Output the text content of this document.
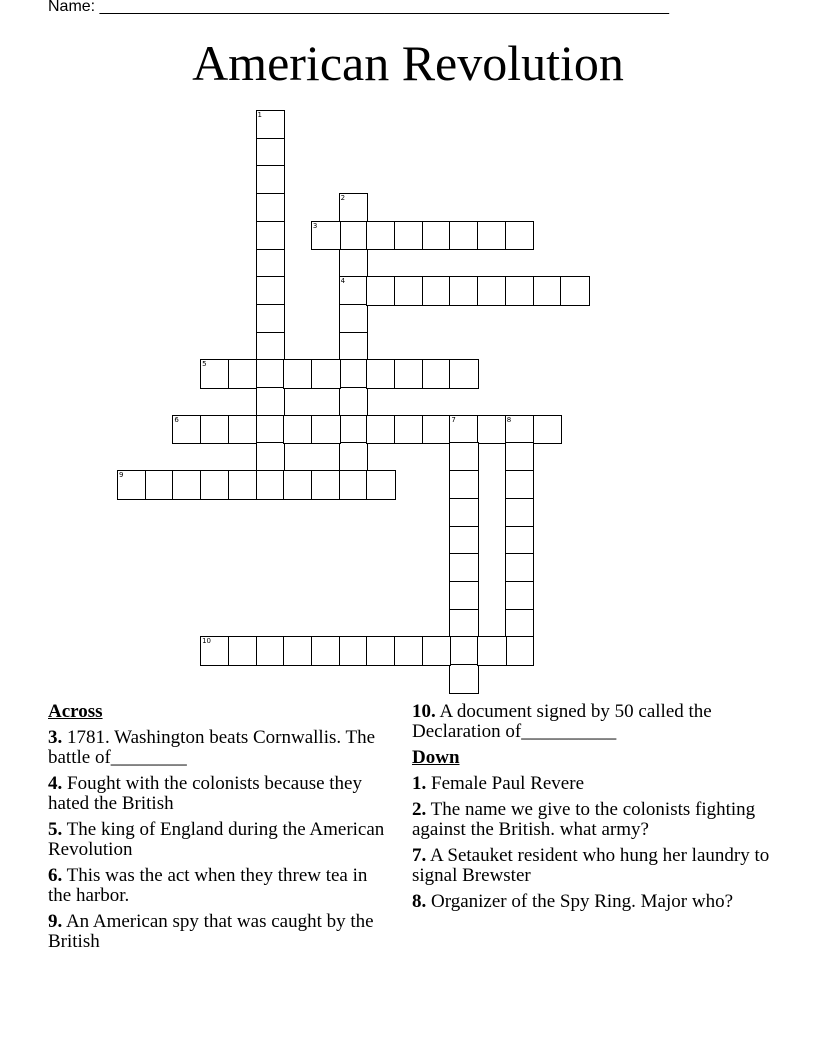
Name: ________________________________________________________________
American Revolution
1
2
4
3
5
6	7	8
9
10
Across
3. 1781. Washington beats Cornwallis. The battle of________
4. Fought with the colonists because they hated the British
5. The king of England during the American Revolution
6. This was the act when they threw tea in the harbor.
9. An American spy that was caught by the British
10. A document signed by 50 called the Declaration of__________
Down
1. Female Paul Revere
2. The name we give to the colonists fighting against the British. what army?
7. A Setauket resident who hung her laundry to signal Brewster
8. Organizer of the Spy Ring. Major who?
